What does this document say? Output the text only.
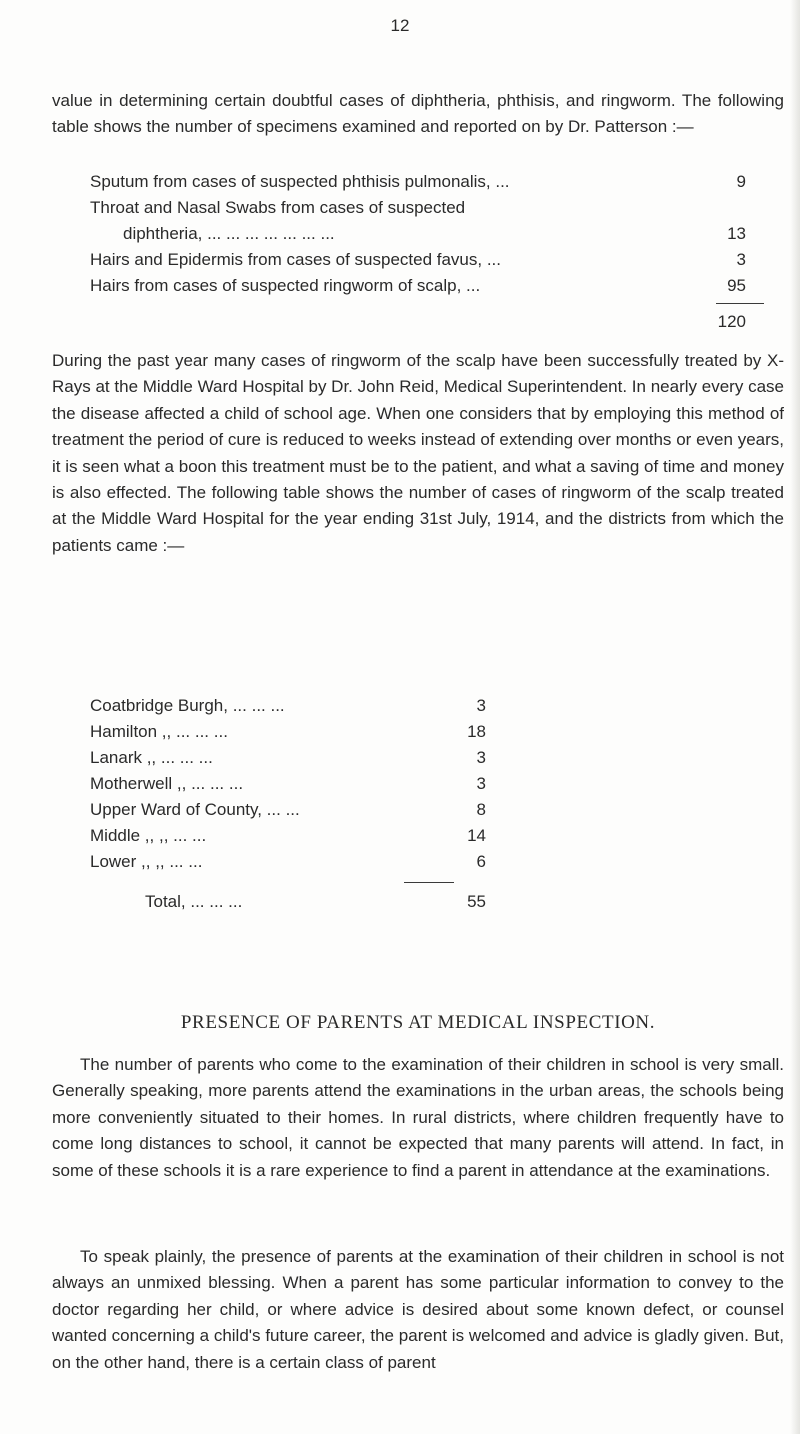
12

value in determining certain doubtful cases of diphtheria, phthisis, and ringworm. The following table shows the number of specimens examined and reported on by Dr. Patterson :—

Sputum from cases of suspected phthisis pulmonalis, ...	9
Throat and Nasal Swabs from cases of suspected
diphtheria, ... ... ... ... ... ... ...	13
Hairs and Epidermis from cases of suspected favus, ...	3
Hairs from cases of suspected ringworm of scalp, ...	95
120

During the past year many cases of ringworm of the scalp have been successfully treated by X-Rays at the Middle Ward Hospital by Dr. John Reid, Medical Superintendent. In nearly every case the disease affected a child of school age. When one considers that by employing this method of treatment the period of cure is reduced to weeks instead of extending over months or even years, it is seen what a boon this treatment must be to the patient, and what a saving of time and money is also effected. The following table shows the number of cases of ringworm of the scalp treated at the Middle Ward Hospital for the year ending 31st July, 1914, and the districts from which the patients came :—

Coatbridge Burgh, ... ... ...	3
Hamilton ,, ... ... ...	18
Lanark ,, ... ... ...	3
Motherwell ,, ... ... ...	3
Upper Ward of County, ... ...	8
Middle ,, ,, ... ...	14
Lower ,, ,, ... ...	6
Total, ... ... ...	55
PRESENCE OF PARENTS AT MEDICAL INSPECTION.

The number of parents who come to the examination of their children in school is very small. Generally speaking, more parents attend the examinations in the urban areas, the schools being more conveniently situated to their homes. In rural districts, where children frequently have to come long distances to school, it cannot be expected that many parents will attend. In fact, in some of these schools it is a rare experience to find a parent in attendance at the examinations.

To speak plainly, the presence of parents at the examination of their children in school is not always an unmixed blessing. When a parent has some particular information to convey to the doctor regarding her child, or where advice is desired about some known defect, or counsel wanted concerning a child's future career, the parent is welcomed and advice is gladly given. But, on the other hand, there is a certain class of parent
